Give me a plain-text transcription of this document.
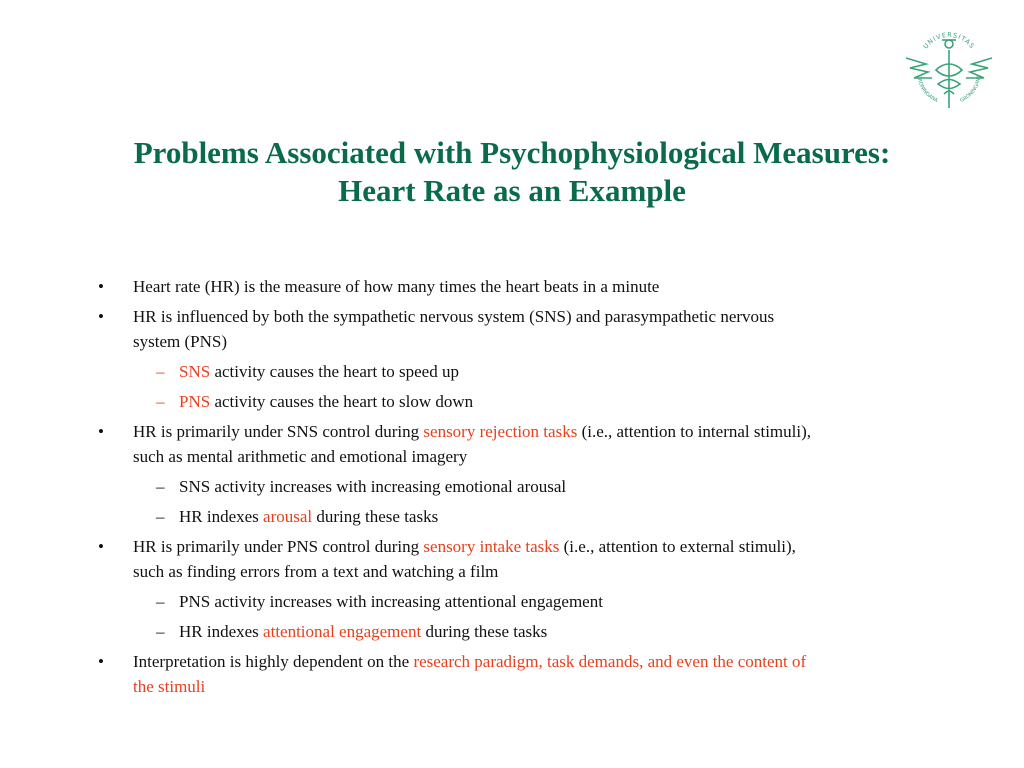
UNIVERSITAS
GRONINGANA	GRONINGANA
Problems Associated with Psychophysiological Measures:
Heart Rate as an Example
• Heart rate (HR) is the measure of how many times the heart beats in a minute
• HR is influenced by both the sympathetic nervous system (SNS) and parasympathetic nervous
system (PNS)
– SNS activity causes the heart to speed up
– PNS activity causes the heart to slow down
• HR is primarily under SNS control during sensory rejection tasks (i.e., attention to internal stimuli),
such as mental arithmetic and emotional imagery
– SNS activity increases with increasing emotional arousal
– HR indexes arousal during these tasks
• HR is primarily under PNS control during sensory intake tasks (i.e., attention to external stimuli),
such as finding errors from a text and watching a film
– PNS activity increases with increasing attentional engagement
– HR indexes attentional engagement during these tasks
• Interpretation is highly dependent on the research paradigm, task demands, and even the content of
the stimuli
